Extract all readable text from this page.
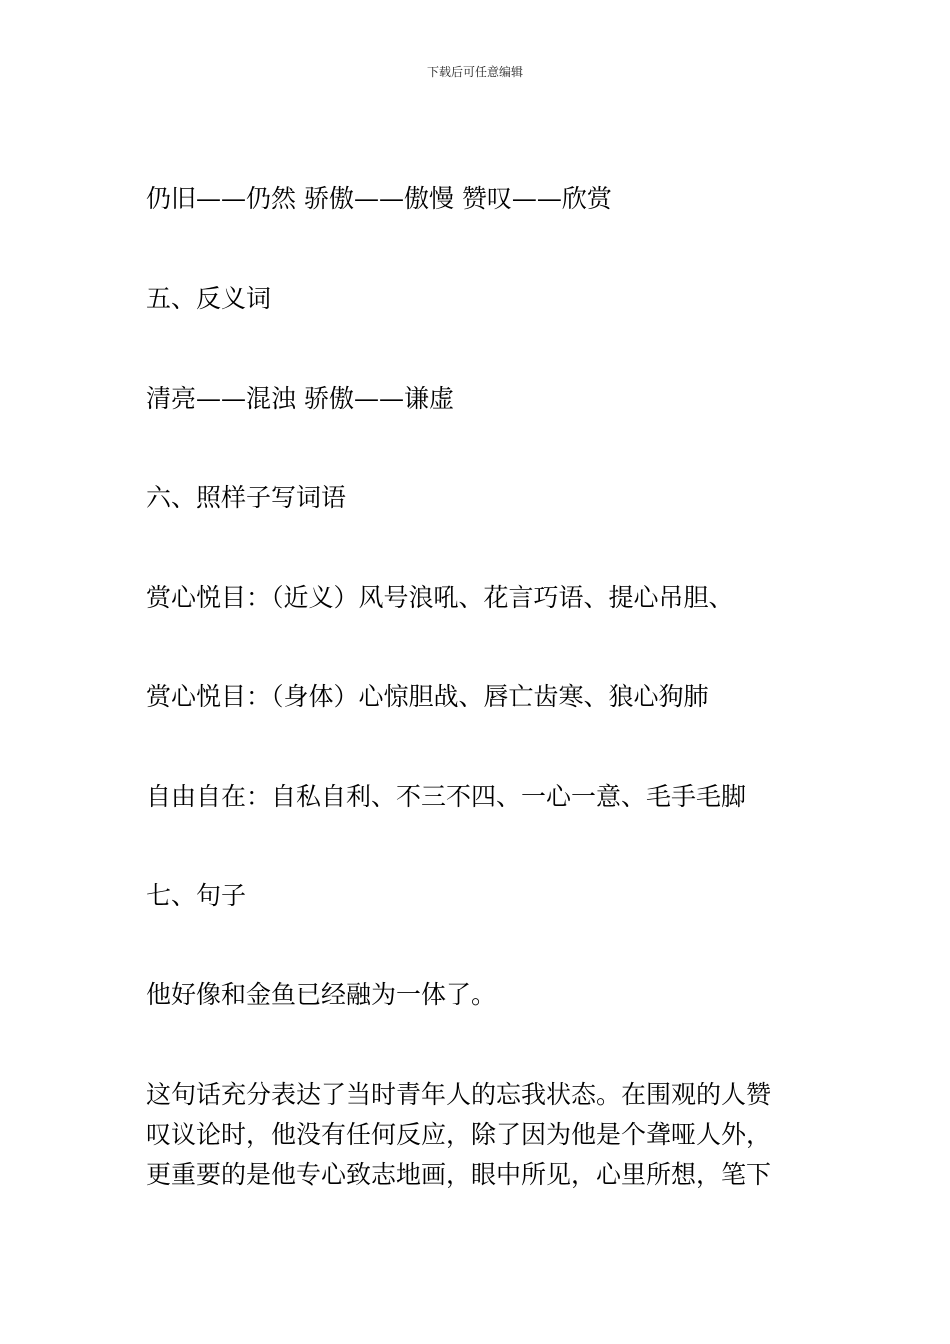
下载后可任意编辑
仍旧——仍然 骄傲——傲慢 赞叹——欣赏
五、反义词
清亮——混浊 骄傲——谦虚
六、照样子写词语
赏心悦目：（近义）风号浪吼、花言巧语、提心吊胆、
赏心悦目：（身体）心惊胆战、唇亡齿寒、狼心狗肺
自由自在：自私自利、不三不四、一心一意、毛手毛脚
七、句子
他好像和金鱼已经融为一体了。
这句话充分表达了当时青年人的忘我状态。在围观的人赞
叹议论时，他没有任何反应，除了因为他是个聋哑人外，
更重要的是他专心致志地画，眼中所见，心里所想，笔下
